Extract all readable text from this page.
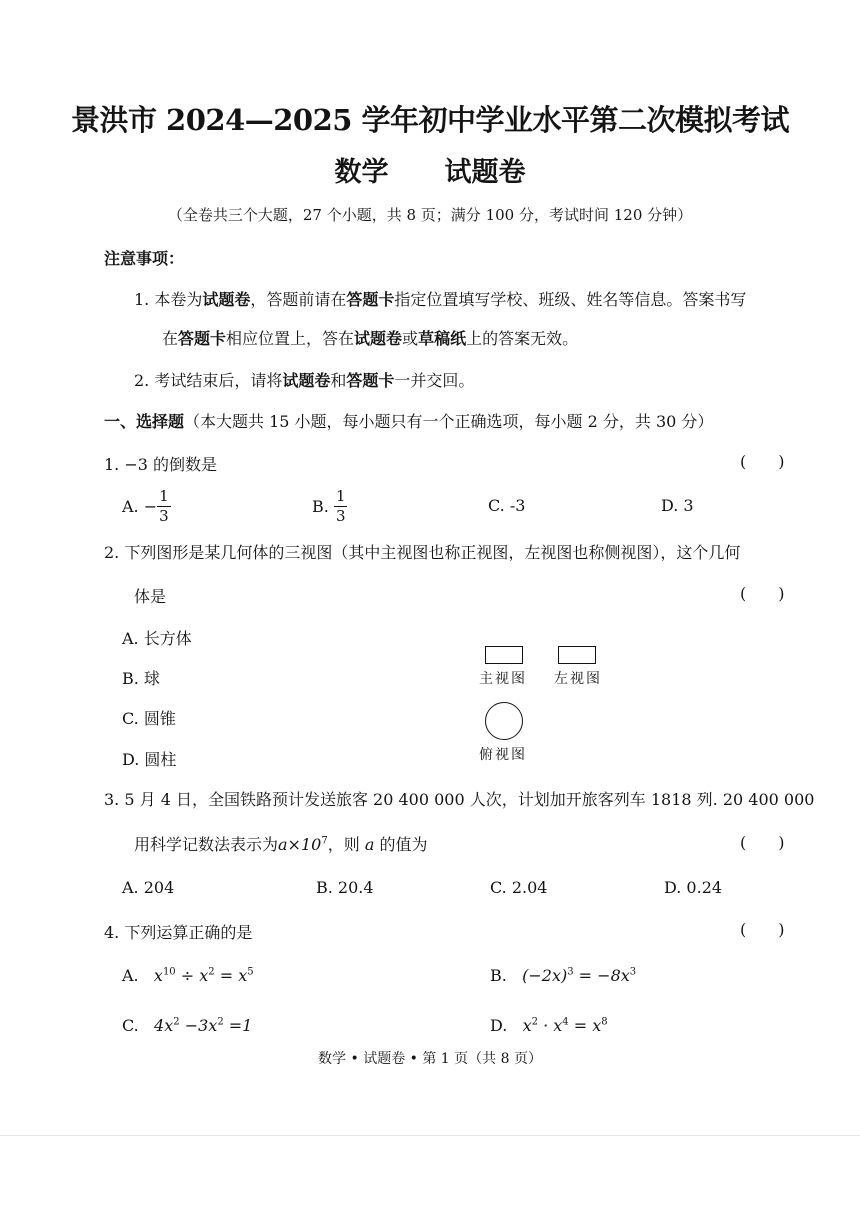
景洪市 2024—2025 学年初中学业水平第二次模拟考试
数学 试题卷
（全卷共三个大题，27 个小题，共 8 页；满分 100 分，考试时间 120 分钟）
注意事项：
1. 本卷为试题卷，答题前请在答题卡指定位置填写学校、班级、姓名等信息。答案书写
在答题卡相应位置上，答在试题卷或草稿纸上的答案无效。
2. 考试结束后，请将试题卷和答题卡一并交回。
一、选择题（本大题共 15 小题，每小题只有一个正确选项，每小题 2 分，共 30 分）
1. −3 的倒数是	(　　)
A.
− $\frac{1}{3}$	B.
$\frac{1}{3}$	C. -3	D. 3
2. 下列图形是某几何体的三视图（其中主视图也称正视图，左视图也称侧视图），这个几何
体是	(　　)
A. 长方体
B. 球
C. 圆锥
D. 圆柱
主视图 左视图
俯视图
3. 5 月 4 日，全国铁路预计发送旅客 20 400 000 人次，计划加开旅客列车 1818 列. 20 400 000
用科学记数法表示为$a\times 10^7$，则 a 的值为	(　　)
A. 204	B. 20.4	C. 2.04	D. 0.24
4. 下列运算正确的是	(　　)
A. $x^{10} \div x^2 = x^5$	B. $(-2x)^3 = -8x^3$
C. $4x^2 -3x^2 =1$	D. $x^2 \cdot x^4 = x^8$
数学 • 试题卷 • 第 1 页（共 8 页）
